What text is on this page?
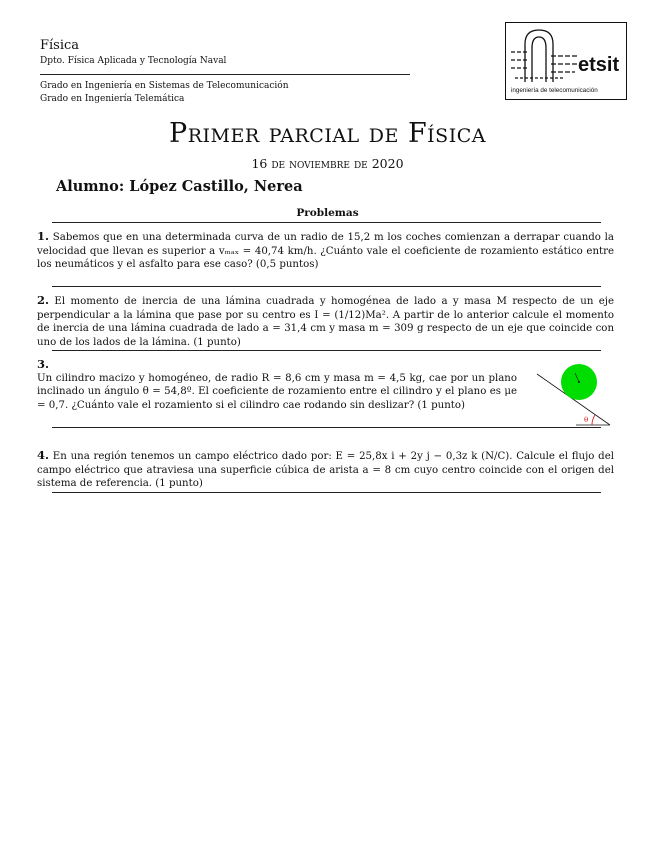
Física
Dpto. Física Aplicada y Tecnología Naval
Grado en Ingeniería en Sistemas de Telecomunicación
Grado en Ingeniería Telemática
etsit
ingeniería de telecomunicación
Primer parcial de Física
16 de noviembre de 2020
Alumno: López Castillo, Nerea
Problemas
1. Sabemos que en una determinada curva de un radio de 15,2 m los coches comienzan a derrapar cuando la velocidad que llevan es superior a vₘₐₓ = 40,74 km/h. ¿Cuánto vale el coeficiente de rozamiento estático entre los neumáticos y el asfalto para ese caso? (0,5 puntos)
2. El momento de inercia de una lámina cuadrada y homogénea de lado a y masa M respecto de un eje perpendicular a la lámina que pase por su centro es I = (1/12)Ma². A partir de lo anterior calcule el momento de inercia de una lámina cuadrada de lado a = 31,4 cm y masa m = 309 g respecto de un eje que coincide con uno de los lados de la lámina. (1 punto)
3.
Un cilindro macizo y homogéneo, de radio R = 8,6 cm y masa m = 4,5 kg, cae por un plano inclinado un ángulo θ = 54,8º. El coeficiente de rozamiento entre el cilindro y el plano es μe = 0,7. ¿Cuánto vale el rozamiento si el cilindro cae rodando sin deslizar? (1 punto)
θ
4. En una región tenemos un campo eléctrico dado por: E = 25,8x i + 2y j − 0,3z k (N/C). Calcule el flujo del campo eléctrico que atraviesa una superficie cúbica de arista a = 8 cm cuyo centro coincide con el origen del sistema de referencia. (1 punto)
